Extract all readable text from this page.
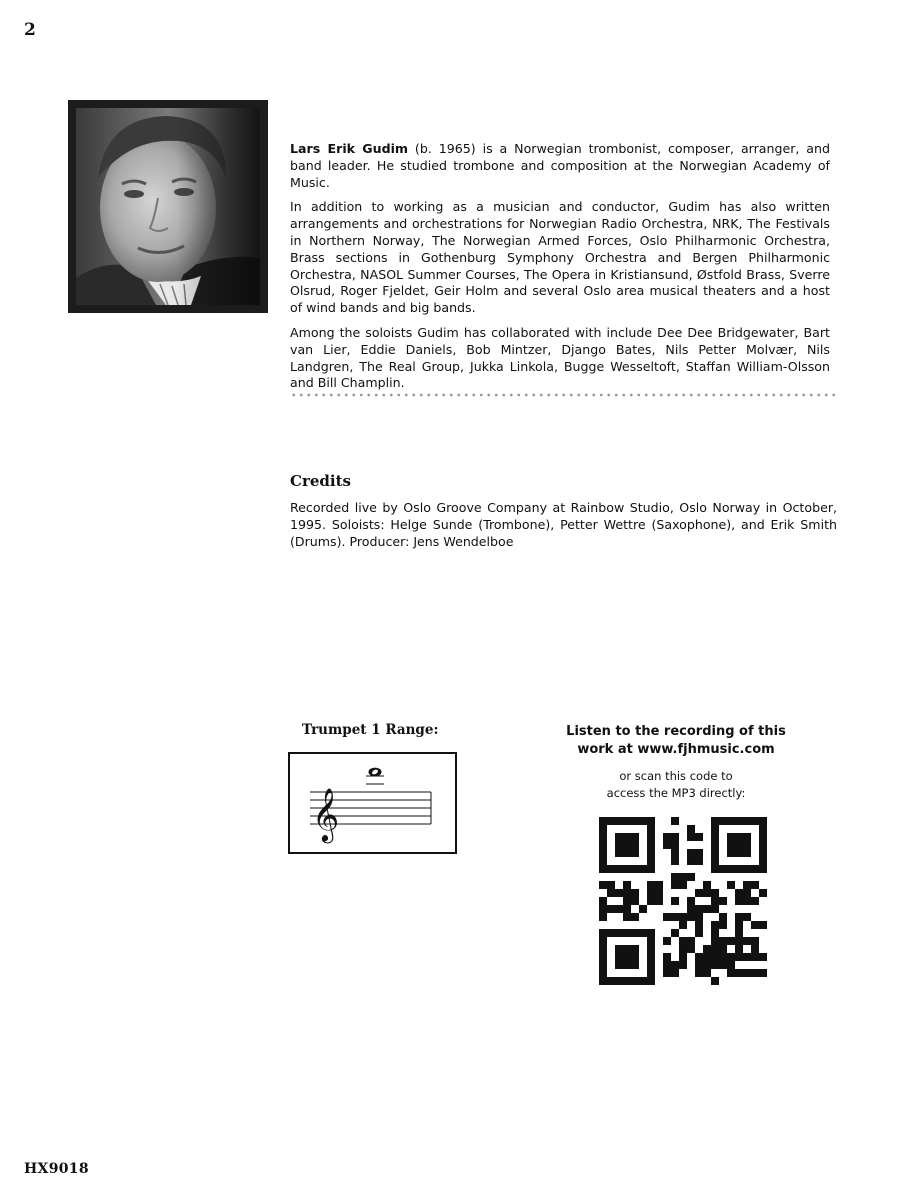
2

Lars Erik Gudim (b. 1965) is a Norwegian trombonist, composer, arranger, and band leader. He studied trombone and composition at the Norwegian Academy of Music.

In addition to working as a musician and conductor, Gudim has also written arrangements and orchestrations for Norwegian Radio Orchestra, NRK, The Festivals in Northern Norway, The Norwegian Armed Forces, Oslo Philharmonic Orchestra, Brass sections in Gothenburg Symphony Orchestra and Bergen Philharmonic Orchestra, NASOL Summer Courses, The Opera in Kristiansund, Østfold Brass, Sverre Olsrud, Roger Fjeldet, Geir Holm and several Oslo area musical theaters and a host of wind bands and big bands.

Among the soloists Gudim has collaborated with include Dee Dee Bridgewater, Bart van Lier, Eddie Daniels, Bob Mintzer, Django Bates, Nils Petter Molvær, Nils Landgren, The Real Group, Jukka Linkola, Bugge Wesseltoft, Staffan William-Olsson and Bill Champlin.

Credits

Recorded live by Oslo Groove Company at Rainbow Studio, Oslo Norway in October, 1995. Soloists: Helge Sunde (Trombone), Petter Wettre (Saxophone), and Erik Smith (Drums). Producer: Jens Wendelboe

Trumpet 1 Range:
𝄞
Listen to the recording of this
work at www.fjhmusic.com
or scan this code to
access the MP3 directly:
HX9018
